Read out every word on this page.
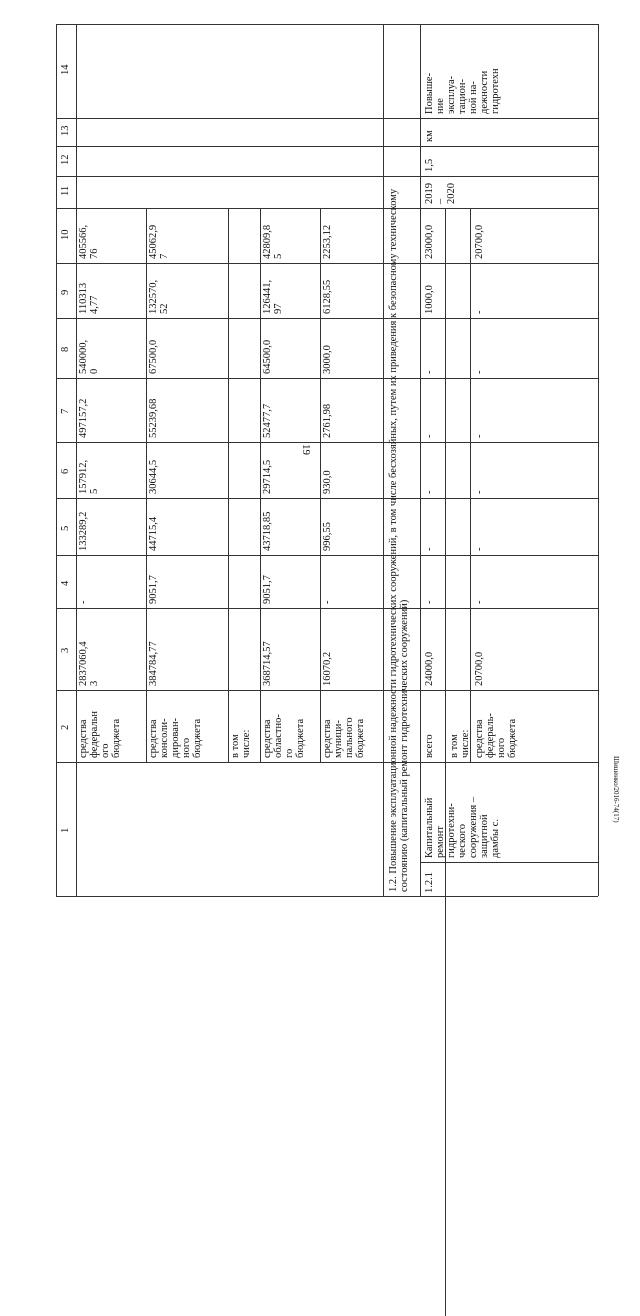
19
Шишенко/2016-74(17)
1
2
3
4
5
6
7
8
9
10
11
12
13
14
средства федеральн ого бюджета
2837060,4 3
-
133289,2
157912, 5
497157,2
540000, 0
110313 4,77
405566, 76
средства консоли- дирован- ного бюджета
384784,77
9051,7
44715,4
30644,5
55239,68
67500,0
132570, 52
45062,9 7
в том числе: средства областно- го бюджета
368714,57
9051,7
43718,85
29714,5
52477,7
64500,0
126441, 97
42809,8 5
средства муници- пального бюджета
16070,2
-
996,55
930,0
2761,98
3000,0
6128,55
2253,12	1.2. Повышение эксплуатационной надежности гидротехнических сооружений, в том числе бесхозяйных, путем их приведения к безопасному техническому состоянию (капитальный ремонт гидротехнических сооружений) 1.2.1
Капитальный ремонт гидротехни- ческого сооружения – защитной дамбы с.
всего
24000,0
-
-
-
-
-
1000,0
23000,0
в том числе: средства федераль- ного бюджета
20700,0
-
-
-
-
-
-
20700,0
2019 – 2020
1,5
км
Повыше- ние эксплуа- тацион- ной на- дежности гидротехн
